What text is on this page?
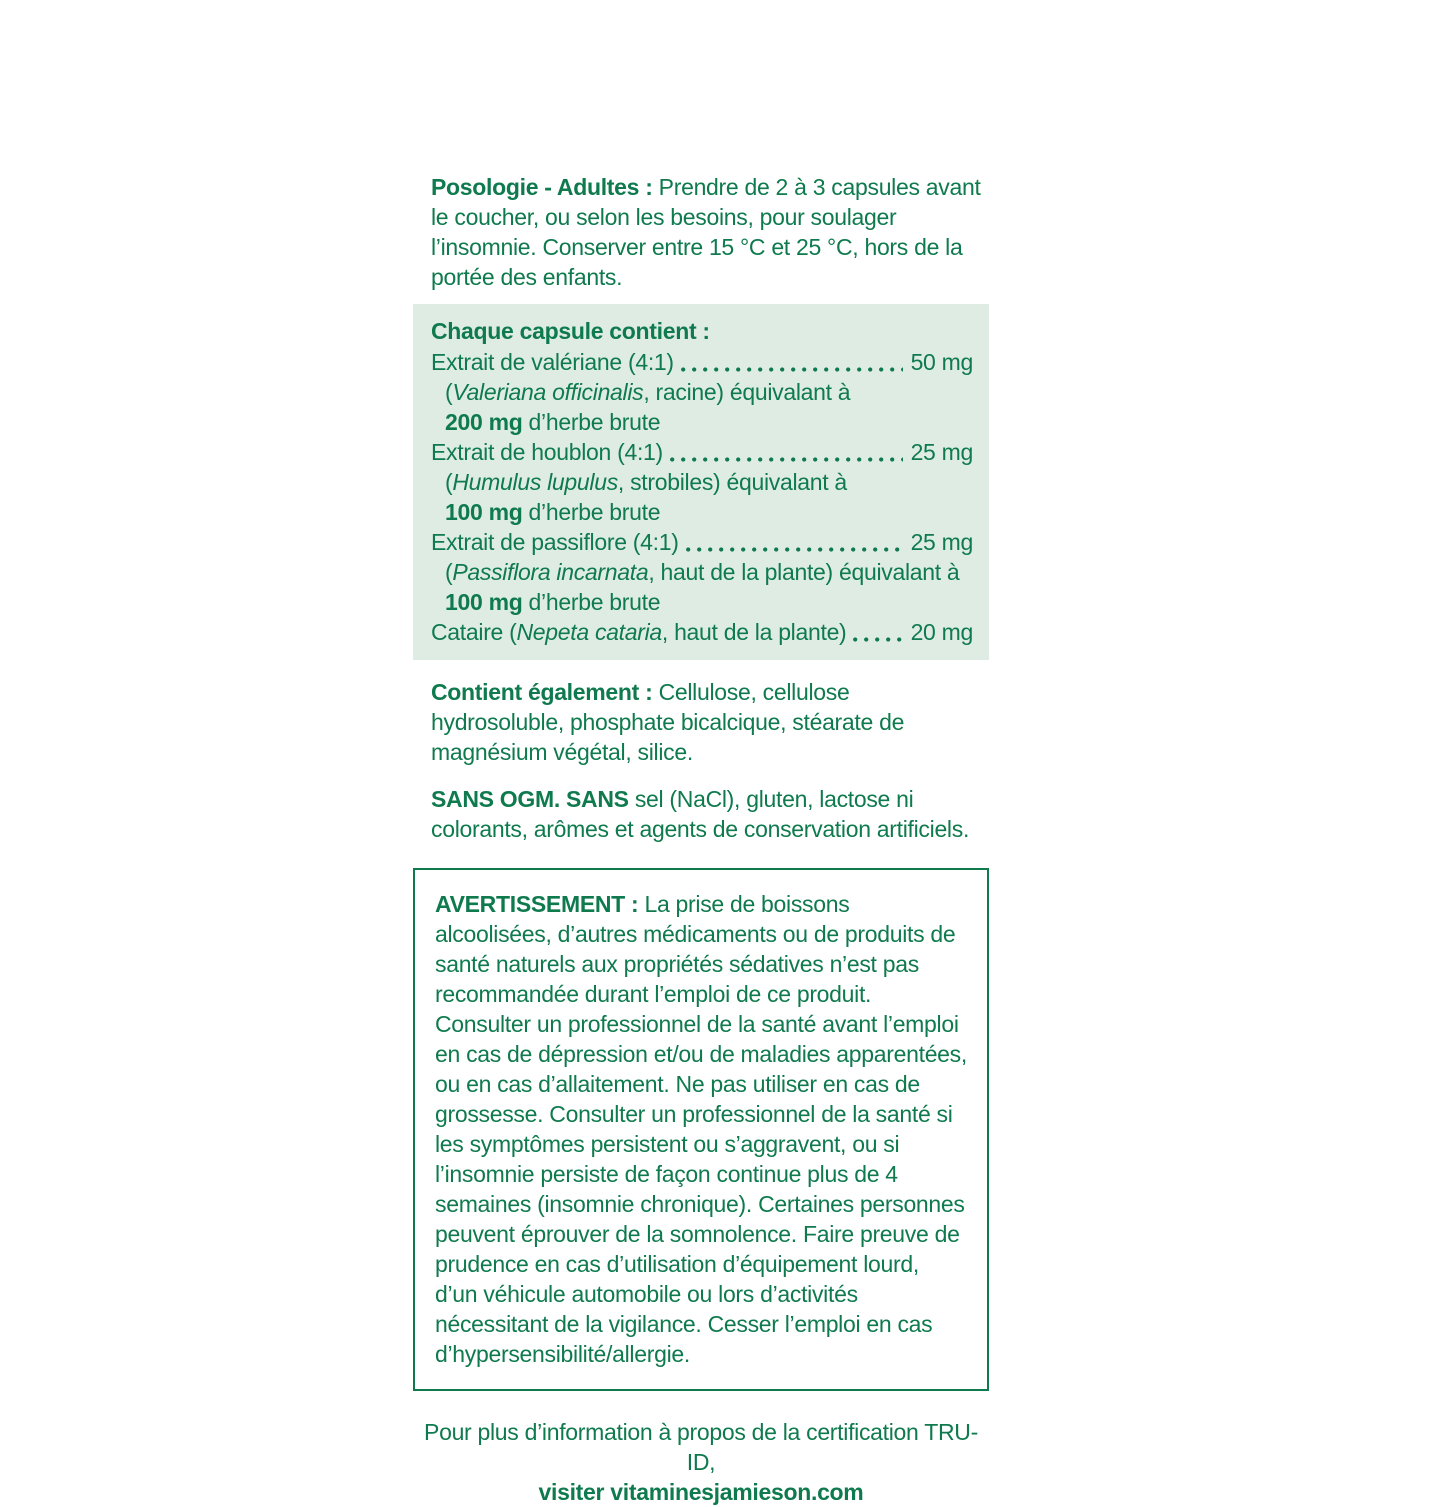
Posologie - Adultes : Prendre de 2 à 3 capsules avant le coucher, ou selon les besoins, pour soulager l’insomnie. Conserver entre 15 °C et 25 °C, hors de la portée des enfants.

Chaque capsule contient :

Extrait de valériane (4:1)	50 mg
(Valeriana officinalis, racine) équivalant à
200 mg d’herbe brute
Extrait de houblon (4:1)	25 mg
(Humulus lupulus, strobiles) équivalant à
100 mg d’herbe brute
Extrait de passiflore (4:1)	25 mg
(Passiflora incarnata, haut de la plante) équivalant à
100 mg d’herbe brute
Cataire (Nepeta cataria, haut de la plante)	20 mg

Contient également : Cellulose, cellulose hydrosoluble, phosphate bicalcique, stéarate de magnésium végétal, silice.

SANS OGM. SANS sel (NaCl), gluten, lactose ni colorants, arômes et agents de conservation artificiels.

AVERTISSEMENT : La prise de boissons alcoolisées, d’autres médicaments ou de produits de santé naturels aux propriétés sédatives n’est pas recommandée durant l’emploi de ce produit. Consulter un professionnel de la santé avant l’emploi en cas de dépression et/ou de maladies apparentées, ou en cas d’allaitement. Ne pas utiliser en cas de grossesse. Consulter un professionnel de la santé si les symptômes persistent ou s’aggravent, ou si l’insomnie persiste de façon continue plus de 4 semaines (insomnie chronique). Certaines personnes peuvent éprouver de la somnolence. Faire preuve de prudence en cas d’utilisation d’équipement lourd, d’un véhicule automobile ou lors d’activités nécessitant de la vigilance. Cesser l’emploi en cas d’hypersensibilité/allergie.

Pour plus d’information à propos de la certification TRU-ID,
visiter vitaminesjamieson.com
